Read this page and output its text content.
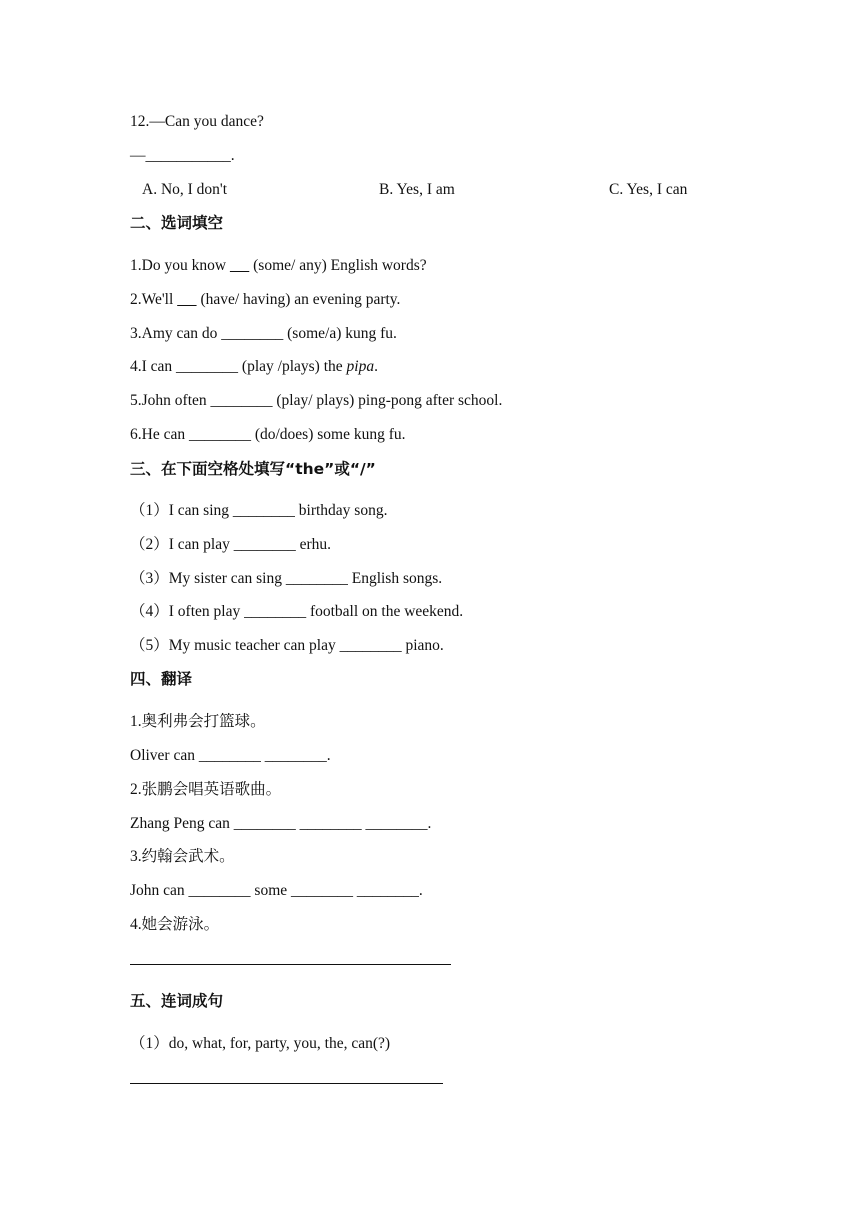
12.—Can you dance?
—___________.
A. No, I don't	B. Yes, I am	C. Yes, I can
二、选词填空
1.Do you know       (some/ any) English words?
2.We'll       (have/ having) an evening party.
3.Amy can do ________ (some/a) kung fu.
4.I can ________ (play /plays) the pipa.
5.John often ________ (play/ plays) ping-pong after school.
6.He can ________ (do/does) some kung fu.
三、在下面空格处填写“the”或“/”
（1）I can sing ________ birthday song.
（2）I can play ________ erhu.
（3）My sister can sing ________ English songs.
（4）I often play ________ football on the weekend.
（5）My music teacher can play ________ piano.
四、翻译
1.奥利弗会打篮球。
Oliver can ________ ________.
2.张鹏会唱英语歌曲。
Zhang Peng can ________ ________ ________.
3.约翰会武术。
John can ________ some ________ ________.
4.她会游泳。
五、连词成句
（1）do, what, for, party, you, the, can(?)
